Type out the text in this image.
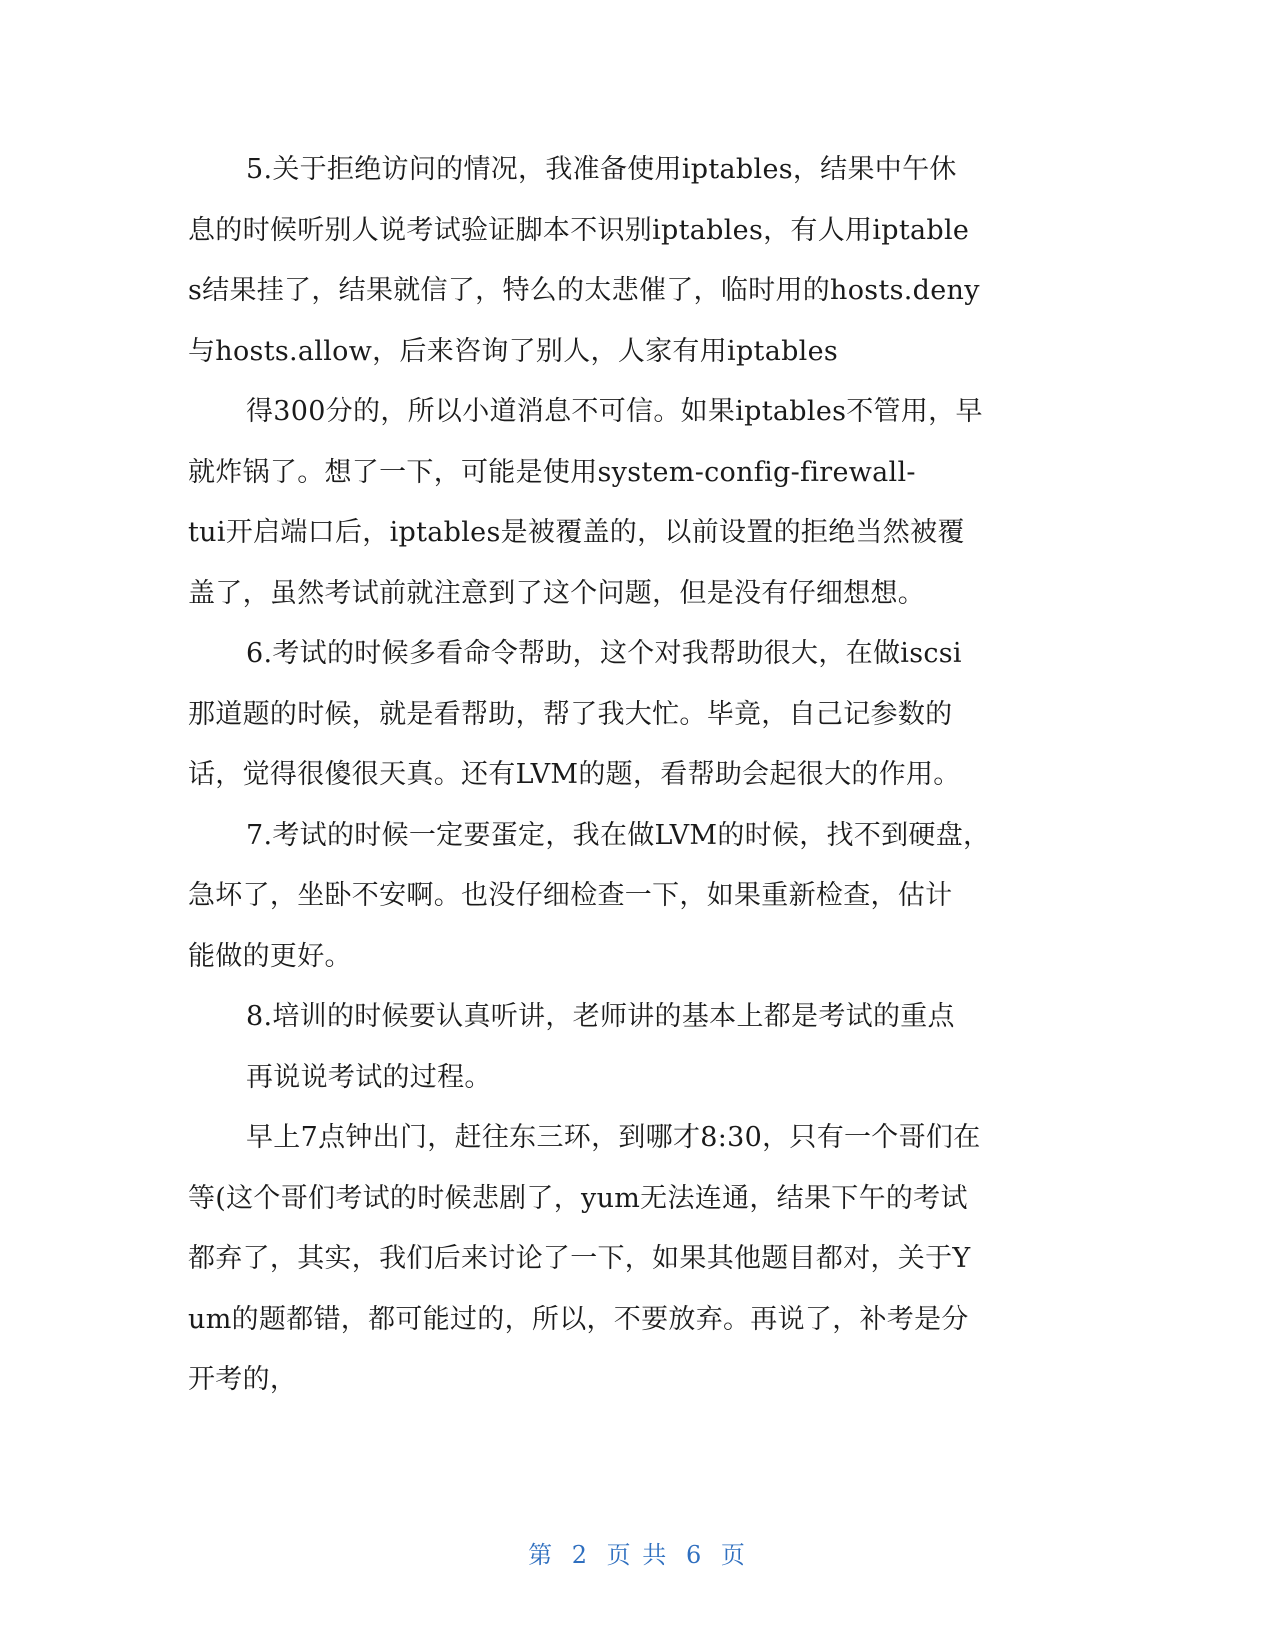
5.关于拒绝访问的情况，我准备使用iptables，结果中午休
息的时候听别人说考试验证脚本不识别iptables，有人用iptable
s结果挂了，结果就信了，特么的太悲催了，临时用的hosts.deny
与hosts.allow，后来咨询了别人，人家有用iptables
得300分的，所以小道消息不可信。如果iptables不管用，早
就炸锅了。想了一下，可能是使用system-config-firewall-
tui开启端口后，iptables是被覆盖的，以前设置的拒绝当然被覆
盖了，虽然考试前就注意到了这个问题，但是没有仔细想想。
6.考试的时候多看命令帮助，这个对我帮助很大，在做iscsi
那道题的时候，就是看帮助，帮了我大忙。毕竟，自己记参数的
话，觉得很傻很天真。还有LVM的题，看帮助会起很大的作用。
7.考试的时候一定要蛋定，我在做LVM的时候，找不到硬盘，
急坏了，坐卧不安啊。也没仔细检查一下，如果重新检查，估计
能做的更好。
8.培训的时候要认真听讲，老师讲的基本上都是考试的重点
再说说考试的过程。
早上7点钟出门，赶往东三环，到哪才8:30，只有一个哥们在
等(这个哥们考试的时候悲剧了，yum无法连通，结果下午的考试
都弃了，其实，我们后来讨论了一下，如果其他题目都对，关于Y
um的题都错，都可能过的，所以，不要放弃。再说了，补考是分
开考的，
第 2 页 共 6 页
